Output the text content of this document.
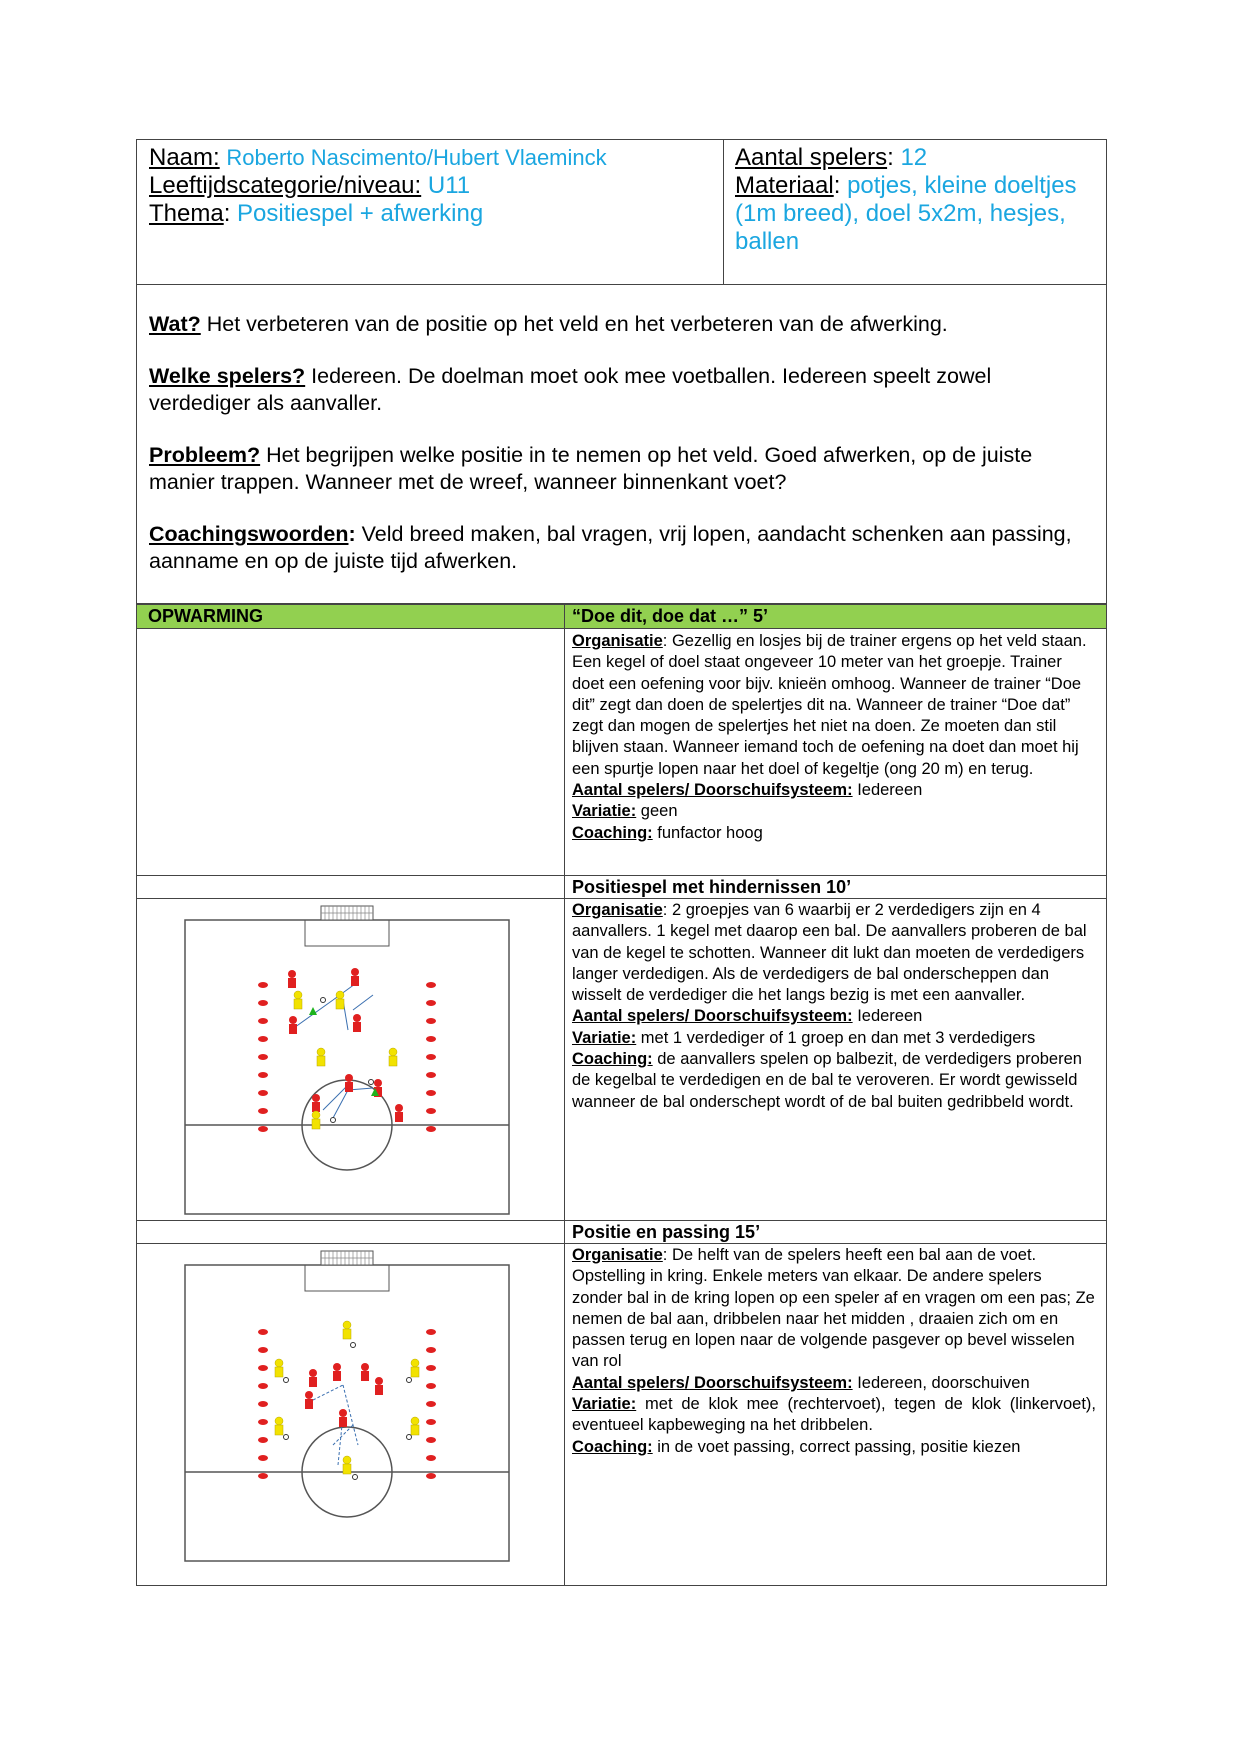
Naam: Roberto Nascimento/Hubert Vlaeminck
Leeftijdscategorie/niveau: U11
Thema: Positiespel + afwerking
Aantal spelers: 12
Materiaal: potjes, kleine doeltjes (1m breed), doel 5x2m, hesjes, ballen

Wat? Het verbeteren van de positie op het veld en het verbeteren van de afwerking.

Welke spelers? Iedereen. De doelman moet ook mee voetballen. Iedereen speelt zowel verdediger als aanvaller.

Probleem? Het begrijpen welke positie in te nemen op het veld. Goed afwerken, op de juiste manier trappen. Wanneer met de wreef, wanneer binnenkant voet?

Coachingswoorden: Veld breed maken, bal vragen, vrij lopen, aandacht schenken aan passing, aanname en op de juiste tijd afwerken.

OPWARMING	“Doe dit, doe dat …” 5’
Organisatie: Gezellig en losjes bij de trainer ergens op het veld staan. Een kegel of doel staat ongeveer 10 meter van het groepje. Trainer doet een oefening voor bijv. knieën omhoog. Wanneer de trainer “Doe dit” zegt dan doen de spelertjes dit na. Wanneer de trainer “Doe dat” zegt dan mogen de spelertjes het niet na doen. Ze moeten dan stil blijven staan. Wanneer iemand toch de oefening na doet dan moet hij een spurtje lopen naar het doel of kegeltje (ong 20 m) en terug.
Aantal spelers/ Doorschuifsysteem: Iedereen
Variatie: geen
Coaching: funfactor hoog
Positiespel met hindernissen 10’
Organisatie: 2 groepjes van 6 waarbij er 2 verdedigers zijn en 4 aanvallers. 1 kegel met daarop een bal. De aanvallers proberen de bal van de kegel te schotten. Wanneer dit lukt dan moeten de verdedigers langer verdedigen. Als de verdedigers de bal onderscheppen dan wisselt de verdediger die het langs bezig is met een aanvaller.
Aantal spelers/ Doorschuifsysteem: Iedereen
Variatie: met 1 verdediger of 1 groep en dan met 3 verdedigers
Coaching: de aanvallers spelen op balbezit, de verdedigers proberen de kegelbal te verdedigen en de bal te veroveren. Er wordt gewisseld wanneer de bal onderschept wordt of de bal buiten gedribbeld wordt.
Positie en passing 15’
Organisatie: De helft van de spelers heeft een bal aan de voet. Opstelling in kring. Enkele meters van elkaar. De andere spelers zonder bal in de kring lopen op een speler af en vragen om een pas; Ze nemen de bal aan, dribbelen naar het midden , draaien zich om en passen terug en lopen naar de volgende pasgever op bevel wisselen van rol
Aantal spelers/ Doorschuifsysteem: Iedereen, doorschuiven
Variatie: met de klok mee (rechtervoet), tegen de klok (linkervoet), eventueel kapbeweging na het dribbelen.
Coaching: in de voet passing, correct passing, positie kiezen
